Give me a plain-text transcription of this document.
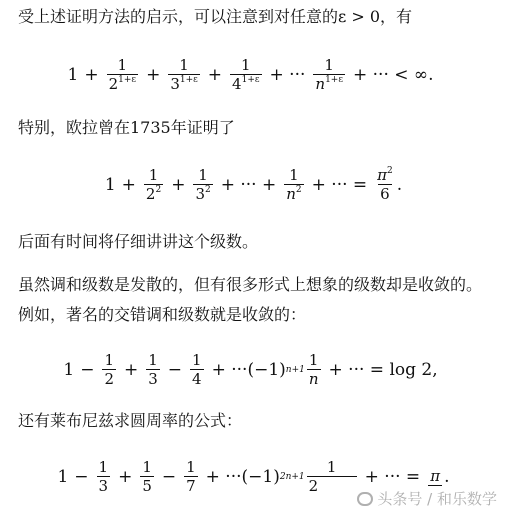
受上述证明方法的启示，可以注意到对任意的ε > 0，有

$1 + \frac{1}{2^{1+\varepsilon}} + \frac{1}{3^{1+\varepsilon}} + \frac{1}{4^{1+\varepsilon}}$ + ··· $\frac{1}{n^{1+\varepsilon}}$ + ··· < ∞.

特别，欧拉曾在1735年证明了

$1 + \frac{1}{2^2} + \frac{1}{3^2}$ + ··· + $\frac{1}{n^2}$ + ··· = $\frac{\pi^2}{6}$ .

后面有时间将仔细讲讲这个级数。

虽然调和级数是发散的，但有很多形式上想象的级数却是收敛的。例如，著名的交错调和级数就是收敛的：

$1 - \frac{1}{2} + \frac{1}{3} - \frac{1}{4} + \cdot\cdot\cdot(-1)$ $n+1 \frac{1}{n}$ + ··· = log 2,

还有莱布尼兹求圆周率的公式：

$1 - \frac{1}{3} + \frac{1}{5} - \frac{1}{7} + \cdot\cdot\cdot(-1)$ $2n+1 \frac{1}{2}$ + ··· = π .
头条号 / 和乐数学
